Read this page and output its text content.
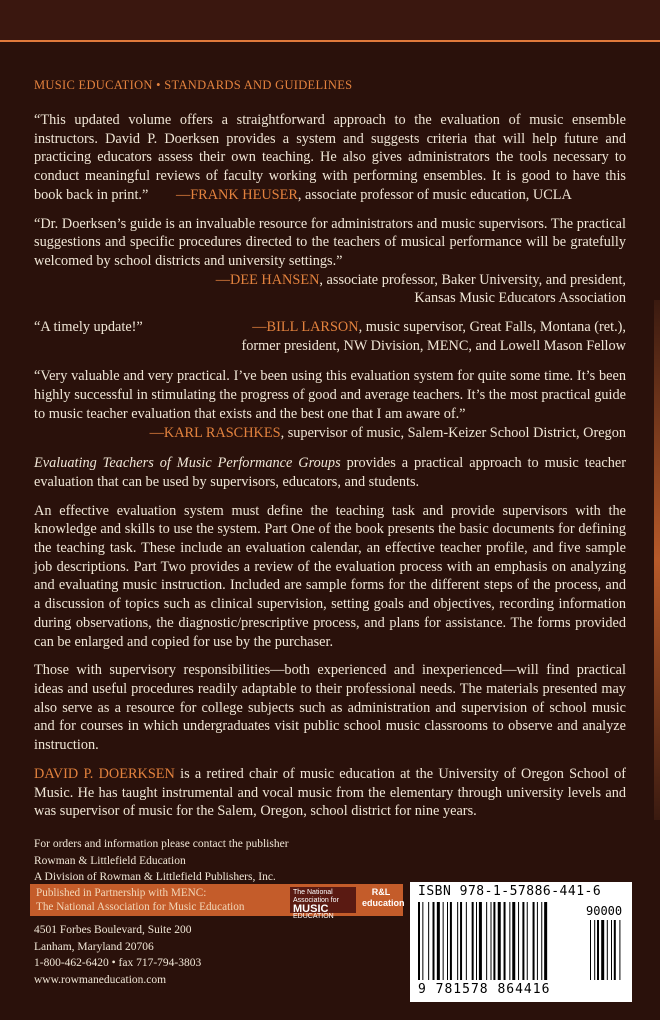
MUSIC EDUCATION • STANDARDS AND GUIDELINES
“This updated volume offers a straightforward approach to the evaluation of music ensemble instructors. David P. Doerksen provides a system and suggests criteria that will help future and practicing educators assess their own teaching. He also gives administrators the tools necessary to conduct meaningful reviews of faculty working with performing ensembles. It is good to have this book back in print.” —FRANK HEUSER, associate professor of music education, UCLA
“Dr. Doerksen’s guide is an invaluable resource for administrators and music supervisors. The practical suggestions and specific procedures directed to the teachers of musical performance will be gratefully welcomed by school districts and university settings.”
—DEE HANSEN, associate professor, Baker University, and president,
Kansas Music Educators Association
“A timely update!”	—BILL LARSON, music supervisor, Great Falls, Montana (ret.), former president, NW Division, MENC, and Lowell Mason Fellow
“Very valuable and very practical. I’ve been using this evaluation system for quite some time. It’s been highly successful in stimulating the progress of good and average teachers. It’s the most practical guide to music teacher evaluation that exists and the best one that I am aware of.”
—KARL RASCHKES, supervisor of music, Salem-Keizer School District, Oregon
Evaluating Teachers of Music Performance Groups provides a practical approach to music teacher evaluation that can be used by supervisors, educators, and students.
An effective evaluation system must define the teaching task and provide supervisors with the knowledge and skills to use the system. Part One of the book presents the basic documents for defining the teaching task. These include an evaluation calendar, an effective teacher profile, and five sample job descriptions. Part Two provides a review of the evaluation process with an emphasis on analyzing and evaluating music instruction. Included are sample forms for the different steps of the process, and a discussion of topics such as clinical supervision, setting goals and objectives, recording information during observations, the diagnostic/prescriptive process, and plans for assistance. The forms provided can be enlarged and copied for use by the purchaser.
Those with supervisory responsibilities—both experienced and inexperienced—will find practical ideas and useful procedures readily adaptable to their professional needs. The materials presented may also serve as a resource for college subjects such as administration and supervision of school music and for courses in which undergraduates visit public school music classrooms to observe and analyze instruction.
DAVID P. DOERKSEN is a retired chair of music education at the University of Oregon School of Music. He has taught instrumental and vocal music from the elementary through university levels and was supervisor of music for the Salem, Oregon, school district for nine years.
For orders and information please contact the publisher
Rowman & Littlefield Education
A Division of Rowman & Littlefield Publishers, Inc.
Published in Partnership with MENC:
The National Association for Music Education
The National Association for
MUSIC
EDUCATION
R&L
education
4501 Forbes Boulevard, Suite 200
Lanham, Maryland 20706
1-800-462-6420 • fax 717-794-3803
www.rowmaneducation.com
ISBN 978-1-57886-441-6
90000
9 781578 864416
